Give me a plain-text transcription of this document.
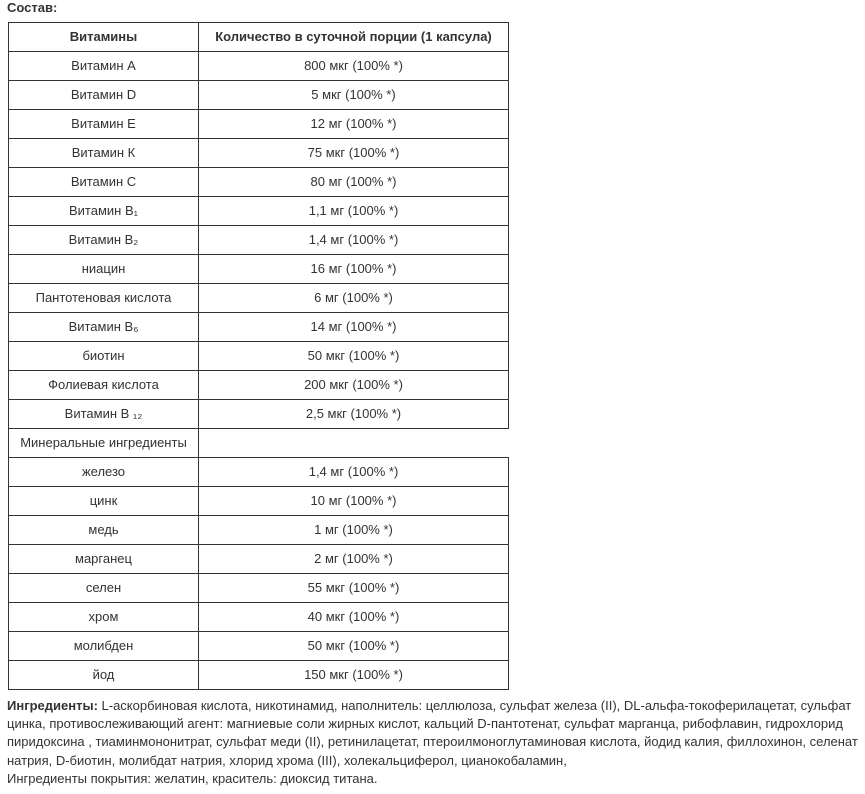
Состав:
Витамины	Количество в суточной порции (1 капсула)
Витамин А	800 мкг (100% *)
Витамин D	5 мкг (100% *)
Витамин Е	12 мг (100% *)
Витамин К	75 мкг (100% *)
Витамин С	80 мг (100% *)
Витамин В₁	1,1 мг (100% *)
Витамин В₂	1,4 мг (100% *)
ниацин	16 мг (100% *)
Пантотеновая кислота	6 мг (100% *)
Витамин В₆	14 мг (100% *)
биотин	50 мкг (100% *)
Фолиевая кислота	200 мкг (100% *)
Витамин В ₁₂	2,5 мкг (100% *)
Минеральные ингредиенты	
железо	1,4 мг (100% *)
цинк	10 мг (100% *)
медь	1 мг (100% *)
марганец	2 мг (100% *)
селен	55 мкг (100% *)
хром	40 мкг (100% *)
молибден	50 мкг (100% *)
йод	150 мкг (100% *)
Ингредиенты: L-аскорбиновая кислота, никотинамид, наполнитель: целлюлоза, сульфат железа (II), DL-альфа-токоферилацетат, сульфат цинка, противослеживающий агент: магниевые соли жирных кислот, кальций D-пантотенат, сульфат марганца, рибофлавин, гидрохлорид пиридоксина , тиаминмононитрат, сульфат меди (II), ретинилацетат, птероилмоноглутаминовая кислота, йодид калия, филлохинон, селенат натрия, D-биотин, молибдат натрия, хлорид хрома (III), холекальциферол, цианокобаламин,
Ингредиенты покрытия: желатин, краситель: диоксид титана.
